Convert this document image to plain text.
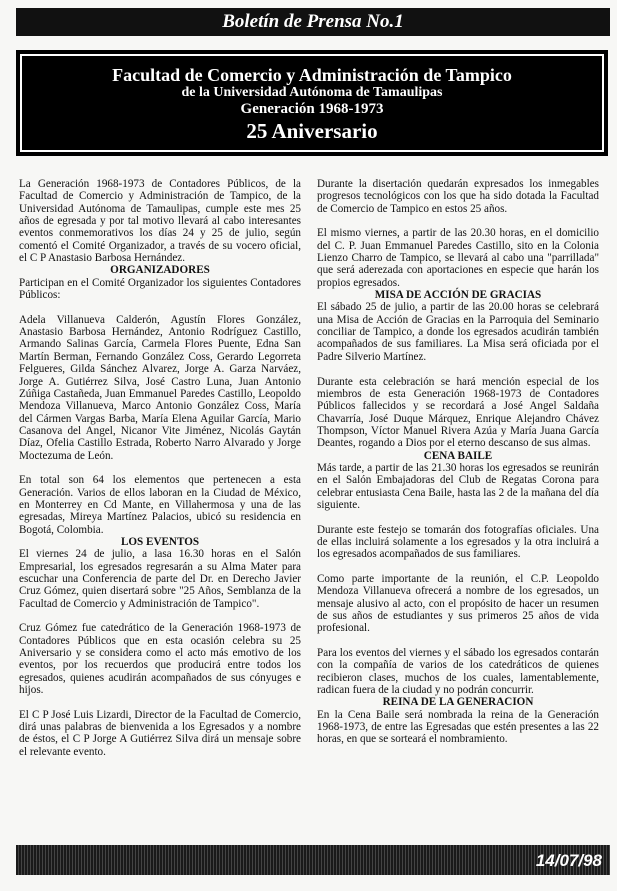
Boletín de Prensa No.1
Facultad de Comercio y Administración de Tampico
de la Universidad Autónoma de Tamaulipas
Generación 1968-1973
25 Aniversario

La Generación 1968-1973 de Contadores Públicos, de la Facultad de Comercio y Administración de Tampico, de la Universidad Autónoma de Tamaulipas, cumple este mes 25 años de egresada y por tal motivo llevará al cabo interesantes eventos conmemorativos los días 24 y 25 de julio, según comentó el Comité Organizador, a través de su vocero oficial, el C P Anastasio Barbosa Hernández.

ORGANIZADORES

Participan en el Comité Organizador los siguientes Contadores Públicos:

Adela Villanueva Calderón, Agustín Flores González, Anastasio Barbosa Hernández, Antonio Rodríguez Castillo, Armando Salinas García, Carmela Flores Puente, Edna San Martín Berman, Fernando González Coss, Gerardo Legorreta Felgueres, Gilda Sánchez Alvarez, Jorge A. Garza Narváez, Jorge A. Gutiérrez Silva, José Castro Luna, Juan Antonio Zúñiga Castañeda, Juan Emmanuel Paredes Castillo, Leopoldo Mendoza Villanueva, Marco Antonio González Coss, María del Cármen Vargas Barba, María Elena Aguilar García, Mario Casanova del Angel, Nicanor Vite Jiménez, Nicolás Gaytán Díaz, Ofelia Castillo Estrada, Roberto Narro Alvarado y Jorge Moctezuma de León.

En total son 64 los elementos que pertenecen a esta Generación. Varios de ellos laboran en la Ciudad de México, en Monterrey en Cd Mante, en Villahermosa y una de las egresadas, Mireya Martínez Palacios, ubicó su residencia en Bogotá, Colombia.

LOS EVENTOS

El viernes 24 de julio, a lasa 16.30 horas en el Salón Empresarial, los egresados regresarán a su Alma Mater para escuchar una Conferencia de parte del Dr. en Derecho Javier Cruz Gómez, quien disertará sobre "25 Años, Semblanza de la Facultad de Comercio y Administración de Tampico".

Cruz Gómez fue catedrático de la Generación 1968-1973 de Contadores Públicos que en esta ocasión celebra su 25 Aniversario y se considera como el acto más emotivo de los eventos, por los recuerdos que producirá entre todos los egresados, quienes acudirán acompañados de sus cónyuges e hijos.

El C P José Luis Lizardi, Director de la Facultad de Comercio, dirá unas palabras de bienvenida a los Egresados y a nombre de éstos, el C P Jorge A Gutiérrez Silva dirá un mensaje sobre el relevante evento.

Durante la disertación quedarán expresados los inmegables progresos tecnológicos con los que ha sido dotada la Facultad de Comercio de Tampico en estos 25 años.

El mismo viernes, a partir de las 20.30 horas, en el domicilio del C. P. Juan Emmanuel Paredes Castillo, sito en la Colonia Lienzo Charro de Tampico, se llevará al cabo una "parrillada" que será aderezada con aportaciones en especie que harán los propios egresados.

MISA DE ACCIÓN DE GRACIAS

El sábado 25 de julio, a partir de las 20.00 horas se celebrará una Misa de Acción de Gracias en la Parroquia del Seminario conciliar de Tampico, a donde los egresados acudirán también acompañados de sus familiares. La Misa será oficiada por el Padre Silverio Martínez.

Durante esta celebración se hará mención especial de los miembros de esta Generación 1968-1973 de Contadores Públicos fallecidos y se recordará a José Angel Saldaña Chavarría, José Duque Márquez, Enrique Alejandro Chávez Thompson, Víctor Manuel Rivera Azúa y María Juana García Deantes, rogando a Dios por el eterno descanso de sus almas.

CENA BAILE

Más tarde, a partir de las 21.30 horas los egresados se reunirán en el Salón Embajadoras del Club de Regatas Corona para celebrar entusiasta Cena Baile, hasta las 2 de la mañana del día siguiente.

Durante este festejo se tomarán dos fotografías oficiales. Una de ellas incluirá solamente a los egresados y la otra incluirá a los egresados acompañados de sus familiares.

Como parte importante de la reunión, el C.P. Leopoldo Mendoza Villanueva ofrecerá a nombre de los egresados, un mensaje alusivo al acto, con el propósito de hacer un resumen de sus años de estudiantes y sus primeros 25 años de vida profesional.

Para los eventos del viernes y el sábado los egresados contarán con la compañía de varios de los catedráticos de quienes recibieron clases, muchos de los cuales, lamentablemente, radican fuera de la ciudad y no podrán concurrir.

REINA DE LA GENERACION

En la Cena Baile será nombrada la reina de la Generación 1968-1973, de entre las Egresadas que estén presentes a las 22 horas, en que se sorteará el nombramiento.

14/07/98
